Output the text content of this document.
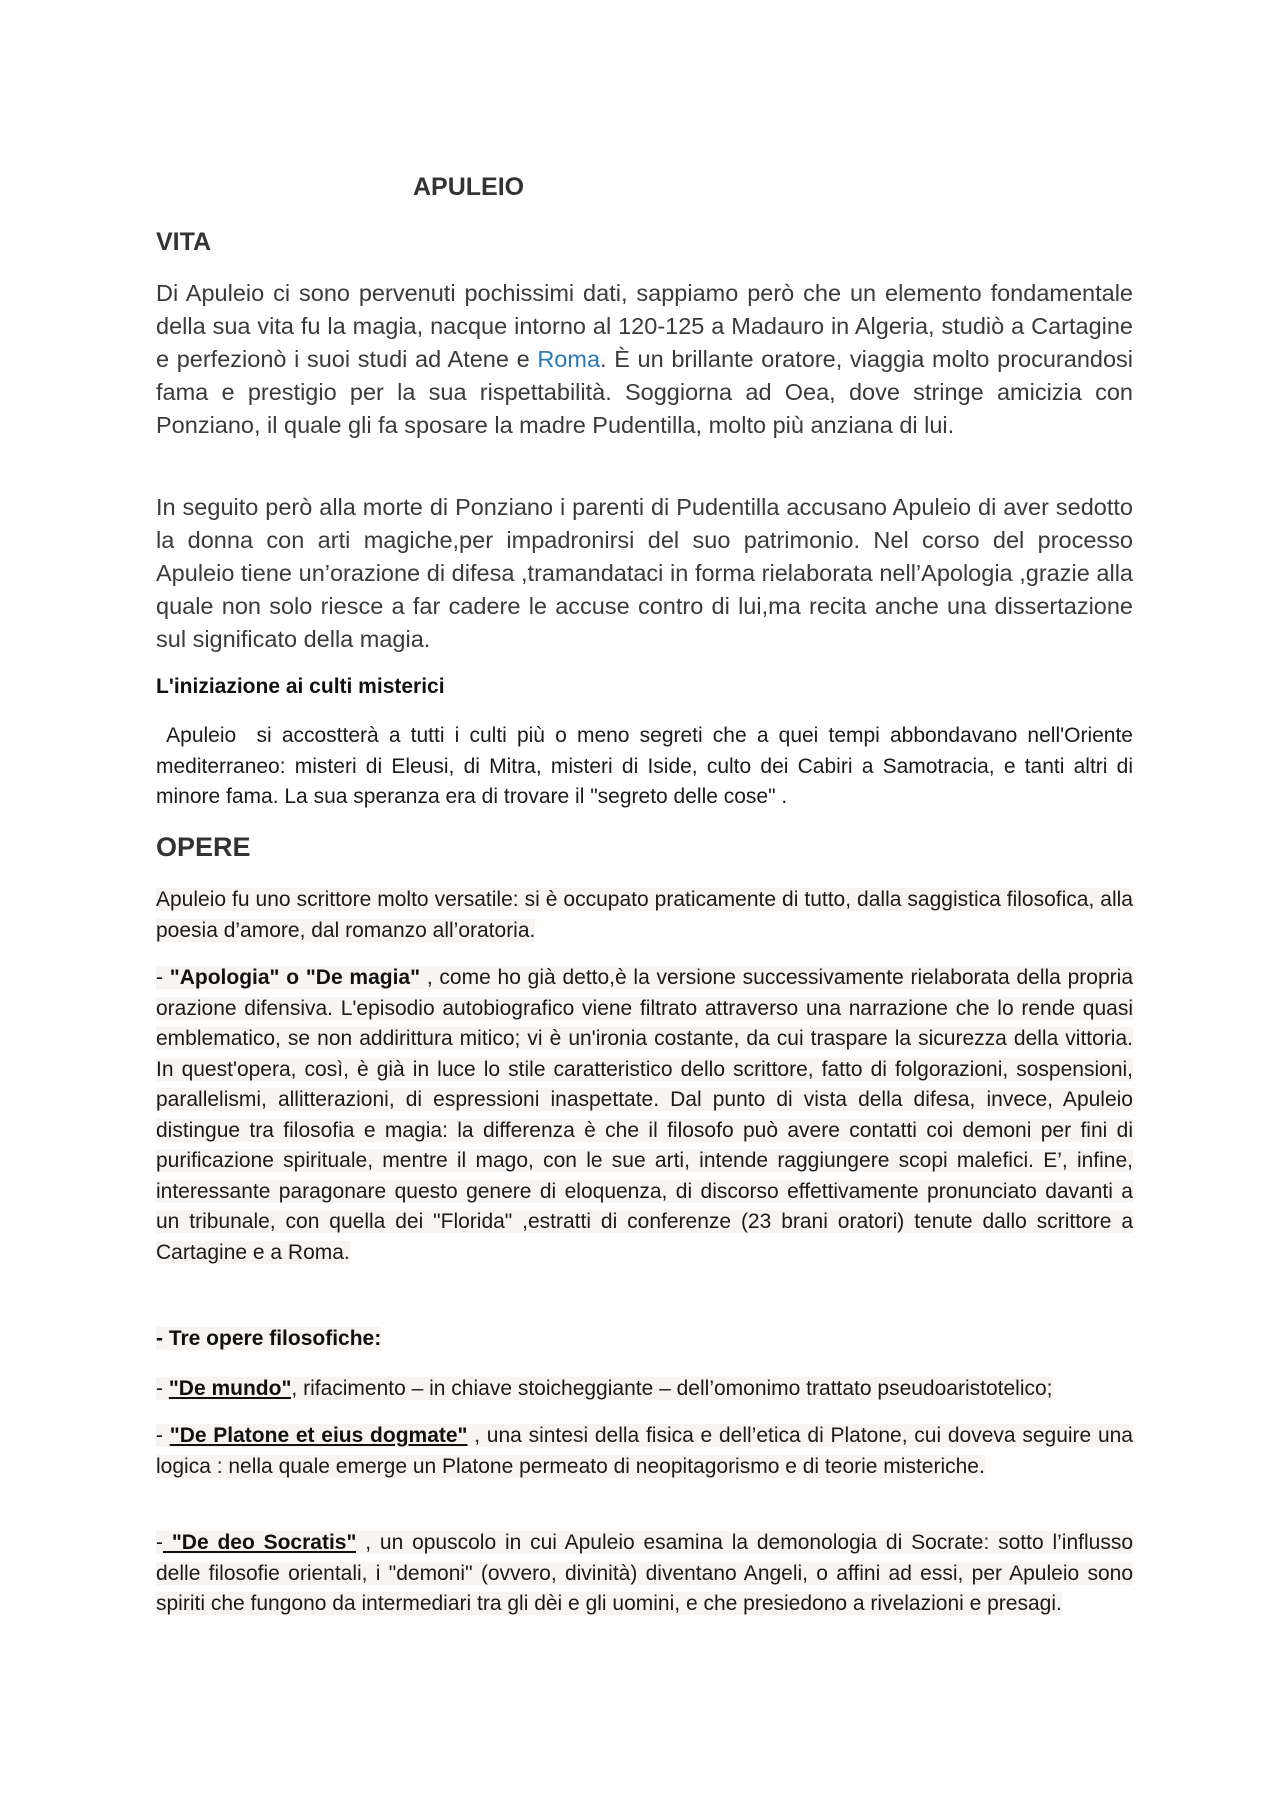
APULEIO
VITA

Di Apuleio ci sono pervenuti pochissimi dati, sappiamo però che un elemento fondamentale della sua vita fu la magia, nacque intorno al 120-125 a Madauro in Algeria, studiò a Cartagine e perfezionò i suoi studi ad Atene e Roma. È un brillante oratore, viaggia molto procurandosi fama e prestigio per la sua rispettabilità. Soggiorna ad Oea, dove stringe amicizia con Ponziano, il quale gli fa sposare la madre Pudentilla, molto più anziana di lui.

In seguito però alla morte di Ponziano i parenti di Pudentilla accusano Apuleio di aver sedotto la donna con arti magiche,per impadronirsi del suo patrimonio. Nel corso del processo Apuleio tiene un’orazione di difesa ,tramandataci in forma rielaborata nell’Apologia ,grazie alla quale non solo riesce a far cadere le accuse contro di lui,ma recita anche una dissertazione sul significato della magia.

L'iniziazione ai culti misterici

Apuleio  si accostterà a tutti i culti più o meno segreti che a quei tempi abbondavano nell'Oriente mediterraneo: misteri di Eleusi, di Mitra, misteri di Iside, culto dei Cabiri a Samotracia, e tanti altri di minore fama. La sua speranza era di trovare il "segreto delle cose" .

OPERE

Apuleio fu uno scrittore molto versatile: si è occupato praticamente di tutto, dalla saggistica filosofica, alla poesia d’amore, dal romanzo all’oratoria.

- "Apologia" o "De magia" , come ho già detto,è la versione successivamente rielaborata della propria orazione difensiva. L'episodio autobiografico viene filtrato attraverso una narrazione che lo rende quasi emblematico, se non addirittura mitico; vi è un'ironia costante, da cui traspare la sicurezza della vittoria. In quest'opera, così, è già in luce lo stile caratteristico dello scrittore, fatto di folgorazioni, sospensioni, parallelismi, allitterazioni, di espressioni inaspettate. Dal punto di vista della difesa, invece, Apuleio distingue tra filosofia e magia: la differenza è che il filosofo può avere contatti coi demoni per fini di purificazione spirituale, mentre il mago, con le sue arti, intende raggiungere scopi malefici. E’, infine, interessante paragonare questo genere di eloquenza, di discorso effettivamente pronunciato davanti a un tribunale, con quella dei "Florida" ,estratti di conferenze (23 brani oratori) tenute dallo scrittore a Cartagine e a Roma.

- Tre opere filosofiche:

- "De mundo", rifacimento – in chiave stoicheggiante – dell’omonimo trattato pseudoaristotelico;

- "De Platone et eius dogmate" , una sintesi della fisica e dell’etica di Platone, cui doveva seguire una logica : nella quale emerge un Platone permeato di neopitagorismo e di teorie misteriche.

- "De deo Socratis" , un opuscolo in cui Apuleio esamina la demonologia di Socrate: sotto l’influsso delle filosofie orientali, i "demoni" (ovvero, divinità) diventano Angeli, o affini ad essi, per Apuleio sono spiriti che fungono da intermediari tra gli dèi e gli uomini, e che presiedono a rivelazioni e presagi.
